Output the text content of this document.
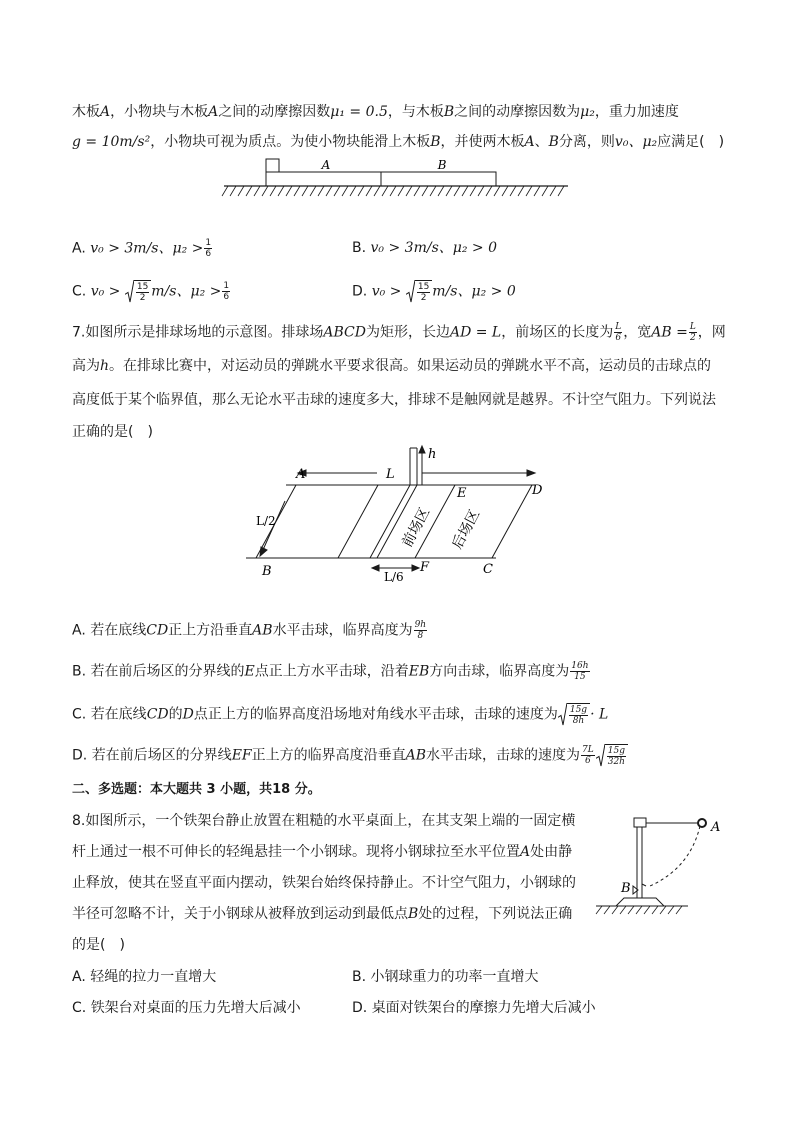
木板A，小物块与木板A之间的动摩擦因数μ₁ = 0.5，与木板B之间的动摩擦因数为μ₂，重力加速度
g = 10m/s²，小物块可视为质点。为使小物块能滑上木板B，并使两木板A、B分离，则v₀、μ₂应满足(　)
A	B
A. v₀ > 3m/s、$\mu_2 > \frac{1}{6}$	B. v₀ > 3m/s、μ₂ > 0
C. $v_0 > \frac{15}{2} m/s$、$\mu_2 > \frac{1}{6}$	D. $v_0 > \frac{15}{2} m/s$、μ₂ > 0
7.如图所示是排球场地的示意图。排球场ABCD为矩形，长边AD = L，前场区的长度为 $\frac{L}{6}$ ，宽AB = $\frac{L}{2}$ ，网
高为h。在排球比赛中，对运动员的弹跳水平要求很高。如果运动员的弹跳水平不高，运动员的击球点的
高度低于某个临界值，那么无论水平击球的速度多大，排球不是触网就是越界。不计空气阻力。下列说法
正确的是(　)
A
B	C
D
E
F
L
h
L/2
L/6
前场区 后场区
A. 若在底线CD正上方沿垂直AB水平击球，临界高度为 $\frac{9h}{8}$
B. 若在前后场区的分界线的E点正上方水平击球，沿着EB方向击球，临界高度为 $\frac{16h}{15}$
C. 若在底线CD的D点正上方的临界高度沿场地对角线水平击球，击球的速度为 $\frac{15g}{8h} \cdot L$
D. 若在前后场区的分界线EF正上方的临界高度沿垂直AB水平击球，击球的速度为 $\frac{7L}{6} \frac{15g}{32h}$
二、多选题：本大题共 3 小题，共18 分。
8.如图所示，一个铁架台静止放置在粗糙的水平桌面上，在其支架上端的一固定横
杆上通过一根不可伸长的轻绳悬挂一个小钢球。现将小钢球拉至水平位置A处由静
止释放，使其在竖直平面内摆动，铁架台始终保持静止。不计空气阻力，小钢球的
半径可忽略不计，关于小钢球从被释放到运动到最低点B处的过程，下列说法正确
的是(　)
A
B
A. 轻绳的拉力一直增大	B. 小钢球重力的功率一直增大
C. 铁架台对桌面的压力先增大后减小	D. 桌面对铁架台的摩擦力先增大后减小
